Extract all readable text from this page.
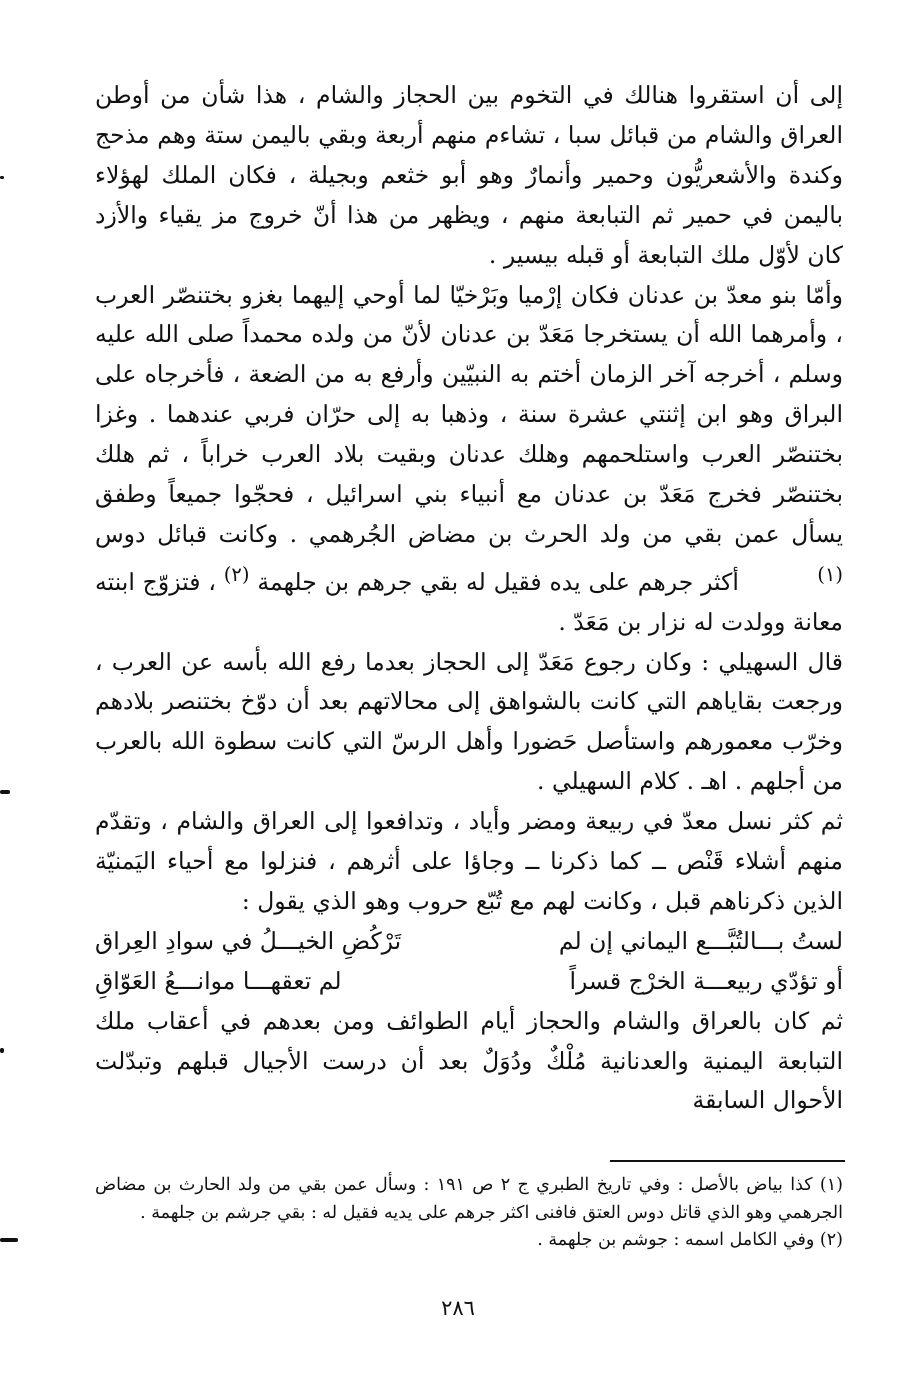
إلى أن استقروا هنالك في التخوم بين الحجاز والشام ، هذا شأن من أوطن العراق والشام من قبائل سبا ، تشاءم منهم أربعة وبقي باليمن ستة وهم مذحج وكندة والأشعريُّون وحمير وأنمارٌ وهو أبو خثعم وبجيلة ، فكان الملك لهؤلاء باليمن في حمير ثم التبابعة منهم ، ويظهر من هذا أنّ خروج مز يقياء والأزد كان لأوّل ملك التبابعة أو قبله بيسير .

وأمّا بنو معدّ بن عدنان فكان إرْميا وبَرْخيّا لما أوحي إليهما بغزو بختنصّر العرب ، وأمرهما الله أن يستخرجا مَعَدّ بن عدنان لأنّ من ولده محمداً صلى الله عليه وسلم ، أخرجه آخر الزمان أختم به النبيّين وأرفع به من الضعة ، فأخرجاه على البراق وهو ابن إثنتي عشرة سنة ، وذهبا به إلى حرّان فربي عندهما . وغزا بختنصّر العرب واستلحمهم وهلك عدنان وبقيت بلاد العرب خراباً ، ثم هلك بختنصّر فخرج مَعَدّ بن عدنان مع أنبياء بني اسرائيل ، فحجّوا جميعاً وطفق يسأل عمن بقي من ولد الحرث بن مضاض الجُرهمي . وكانت قبائل دوس $^{(١)}$          أكثر جرهم على يده فقيل له بقي جرهم بن جلهمة $^{(٢)}$ ، فتزوّج ابنته معانة وولدت له نزار بن مَعَدّ .

قال السهيلي : وكان رجوع مَعَدّ إلى الحجاز بعدما رفع الله بأسه عن العرب ، ورجعت بقاياهم التي كانت بالشواهق إلى محالاتهم بعد أن دوّخ بختنصر بلادهم وخرّب معمورهم واستأصل حَضورا وأهل الرسّ التي كانت سطوة الله بالعرب من أجلهم . اهـ . كلام السهيلي .

ثم كثر نسل معدّ في ربيعة ومضر وأياد ، وتدافعوا إلى العراق والشام ، وتقدّم منهم أشلاء قَنْص ــ كما ذكرنا ــ وجاؤا على أثرهم ، فنزلوا مع أحياء اليَمنيّة الذين ذكرناهم قبل ، وكانت لهم مع تُبّع حروب وهو الذي يقول :

لستُ بـــالتُبَّـــع اليماني إن لم
تَرْكُضِ الخيـــلُ في سوادِ العِراق
أو تؤدّي ربيعـــة الخرْج قسراً
لم تعقهـــا موانـــعُ العَوّاقِ

ثم كان بالعراق والشام والحجاز أيام الطوائف ومن بعدهم في أعقاب ملك التبابعة اليمنية والعدنانية مُلْكٌ ودُوَلٌ بعد أن درست الأجيال قبلهم وتبدّلت الأحوال السابقة

(١) كذا بياض بالأصل : وفي تاريخ الطبري ج ٢ ص ١٩١ : وسأل عمن بقي من ولد الحارث بن مضاض الجرهمي وهو الذي قاتل دوس العتق فافنى اكثر جرهم على يديه فقيل له : بقي جرشم بن جلهمة .

(٢) وفي الكامل اسمه : جوشم بن جلهمة .

٢٨٦
